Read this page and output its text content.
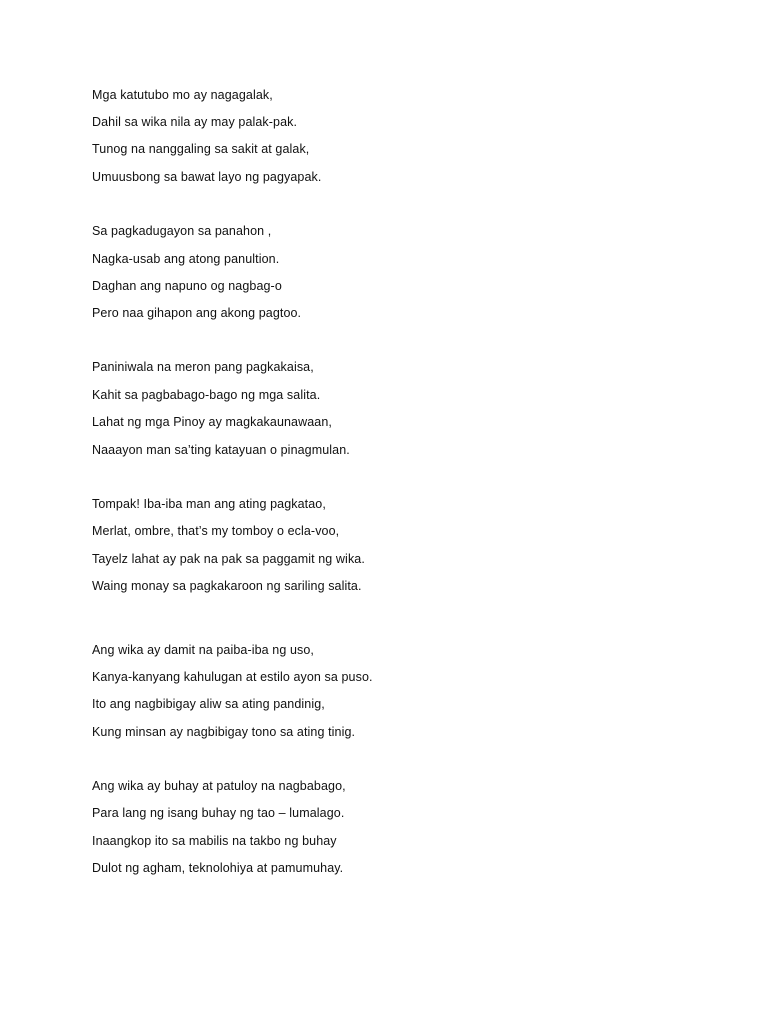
Mga katutubo mo ay nagagalak,
Dahil sa wika nila ay may palak-pak.
Tunog na nanggaling sa sakit at galak,
Umuusbong sa bawat layo ng pagyapak.
Sa pagkadugayon sa panahon ,
Nagka-usab ang atong panultion.
Daghan ang napuno og nagbag-o
Pero naa gihapon ang akong pagtoo.
Paniniwala na meron pang pagkakaisa,
Kahit sa pagbabago-bago ng mga salita.
Lahat ng mga Pinoy ay magkakaunawaan,
Naaayon man sa’ting katayuan o pinagmulan.
Tompak! Iba-iba man ang ating pagkatao,
Merlat, ombre, that’s my tomboy o ecla-voo,
Tayelz lahat ay pak na pak sa paggamit ng wika.
Waing monay sa pagkakaroon ng sariling salita.
Ang wika ay damit na paiba-iba ng uso,
Kanya-kanyang kahulugan at estilo ayon sa puso.
Ito ang nagbibigay aliw sa ating pandinig,
Kung minsan ay nagbibigay tono sa ating tinig.
Ang wika ay buhay at patuloy na nagbabago,
Para lang ng isang buhay ng tao – lumalago.
Inaangkop ito sa mabilis na takbo ng buhay
Dulot ng agham, teknolohiya at pamumuhay.
